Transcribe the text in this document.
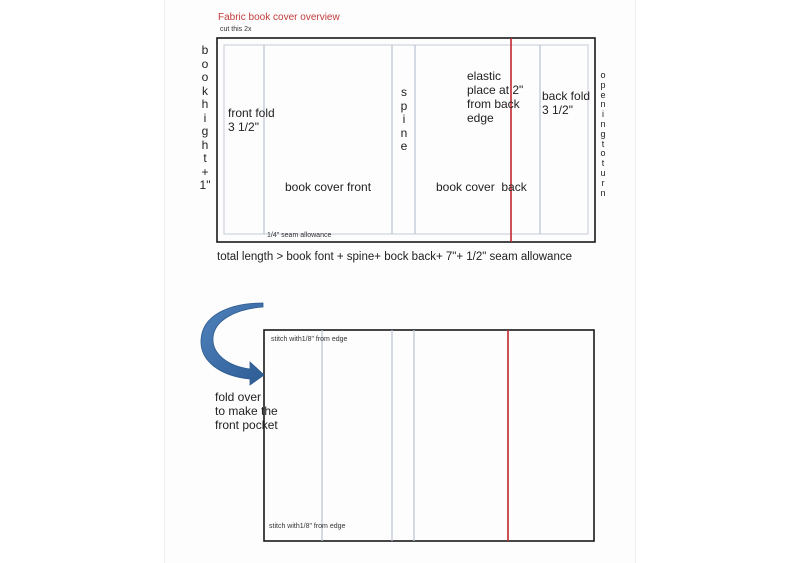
Fabric book cover overview
cut this 2x
b
o
o
k
h
i
g
h
t
+
1"
o
p
e
n
i
n
g
t
o
t
u
r
n
front fold
3 1/2"
s
p
i
n
e
elastic
place at 2"
from back
edge
back fold
3 1/2"
book cover front	book cover  back
1/4" seam allowance
total length > book font + spine+ bock back+ 7"+ 1/2" seam allowance
fold over
to make the
front pocket
stitch with1/8" from edge
stitch with1/8" from edge
